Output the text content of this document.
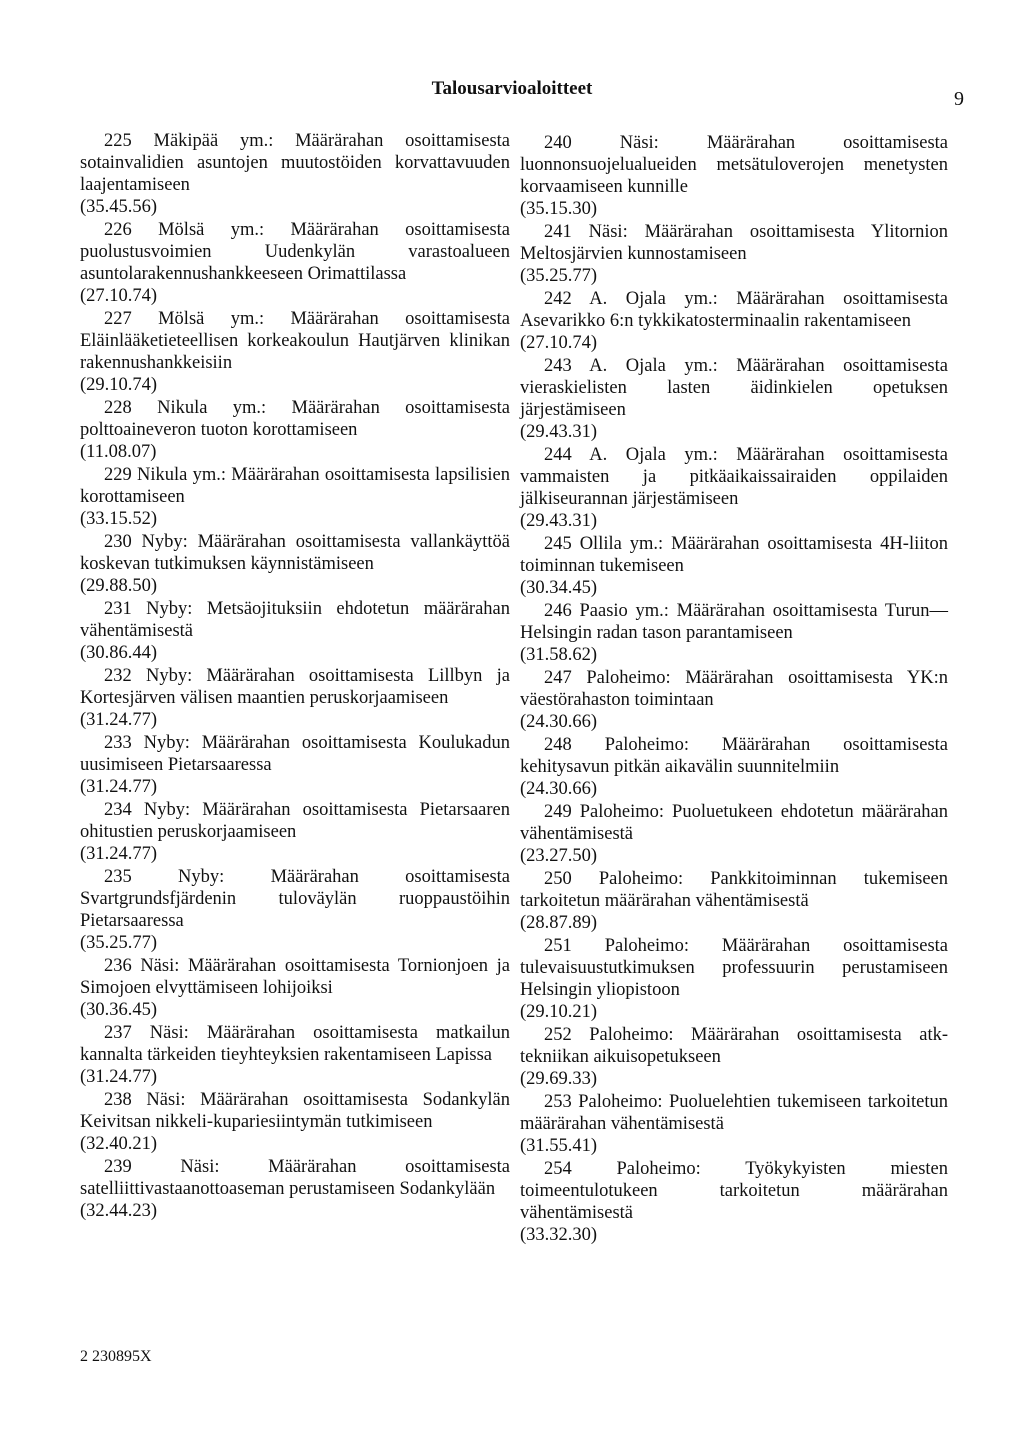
Talousarvioaloitteet	9
225 Mäkipää ym.: Määrärahan osoittamisesta sotainvalidien asuntojen muutostöiden korvattavuuden laajentamiseen
(35.45.56)
226 Mölsä ym.: Määrärahan osoittamisesta puolustusvoimien Uudenkylän varastoalueen asuntolarakennushankkeeseen Orimattilassa
(27.10.74)
227 Mölsä ym.: Määrärahan osoittamisesta Eläinlääketieteellisen korkeakoulun Hautjärven klinikan rakennushankkeisiin
(29.10.74)
228 Nikula ym.: Määrärahan osoittamisesta polttoaineveron tuoton korottamiseen
(11.08.07)
229 Nikula ym.: Määrärahan osoittamisesta lapsilisien korottamiseen
(33.15.52)
230 Nyby: Määrärahan osoittamisesta vallankäyttöä koskevan tutkimuksen käynnistämiseen
(29.88.50)
231 Nyby: Metsäojituksiin ehdotetun määrärahan vähentämisestä
(30.86.44)
232 Nyby: Määrärahan osoittamisesta Lillbyn ja Kortesjärven välisen maantien peruskorjaamiseen
(31.24.77)
233 Nyby: Määrärahan osoittamisesta Koulukadun uusimiseen Pietarsaaressa
(31.24.77)
234 Nyby: Määrärahan osoittamisesta Pietarsaaren ohitustien peruskorjaamiseen
(31.24.77)
235 Nyby: Määrärahan osoittamisesta Svartgrundsfjärdenin tuloväylän ruoppaustöihin Pietarsaaressa
(35.25.77)
236 Näsi: Määrärahan osoittamisesta Tornionjoen ja Simojoen elvyttämiseen lohijoiksi
(30.36.45)
237 Näsi: Määrärahan osoittamisesta matkailun kannalta tärkeiden tieyhteyksien rakentamiseen Lapissa
(31.24.77)
238 Näsi: Määrärahan osoittamisesta Sodankylän Keivitsan nikkeli-kupariesiintymän tutkimiseen
(32.40.21)
239 Näsi: Määrärahan osoittamisesta satelliittivastaanottoaseman perustamiseen Sodankylään
(32.44.23)
240 Näsi: Määrärahan osoittamisesta luonnonsuojelualueiden metsätuloverojen menetysten korvaamiseen kunnille
(35.15.30)
241 Näsi: Määrärahan osoittamisesta Ylitornion Meltosjärvien kunnostamiseen
(35.25.77)
242 A. Ojala ym.: Määrärahan osoittamisesta Asevarikko 6:n tykkikatosterminaalin rakentamiseen
(27.10.74)
243 A. Ojala ym.: Määrärahan osoittamisesta vieraskielisten lasten äidinkielen opetuksen järjestämiseen
(29.43.31)
244 A. Ojala ym.: Määrärahan osoittamisesta vammaisten ja pitkäaikaissairaiden oppilaiden jälkiseurannan järjestämiseen
(29.43.31)
245 Ollila ym.: Määrärahan osoittamisesta 4H-liiton toiminnan tukemiseen
(30.34.45)
246 Paasio ym.: Määrärahan osoittamisesta Turun—Helsingin radan tason parantamiseen
(31.58.62)
247 Paloheimo: Määrärahan osoittamisesta YK:n väestörahaston toimintaan
(24.30.66)
248 Paloheimo: Määrärahan osoittamisesta kehitysavun pitkän aikavälin suunnitelmiin
(24.30.66)
249 Paloheimo: Puoluetukeen ehdotetun määrärahan vähentämisestä
(23.27.50)
250 Paloheimo: Pankkitoiminnan tukemiseen tarkoitetun määrärahan vähentämisestä
(28.87.89)
251 Paloheimo: Määrärahan osoittamisesta tulevaisuustutkimuksen professuurin perustamiseen Helsingin yliopistoon
(29.10.21)
252 Paloheimo: Määrärahan osoittamisesta atk-tekniikan aikuisopetukseen
(29.69.33)
253 Paloheimo: Puoluelehtien tukemiseen tarkoitetun määrärahan vähentämisestä
(31.55.41)
254 Paloheimo: Työkykyisten miesten toimeentulotukeen tarkoitetun määrärahan vähentämisestä
(33.32.30)
2 230895X
